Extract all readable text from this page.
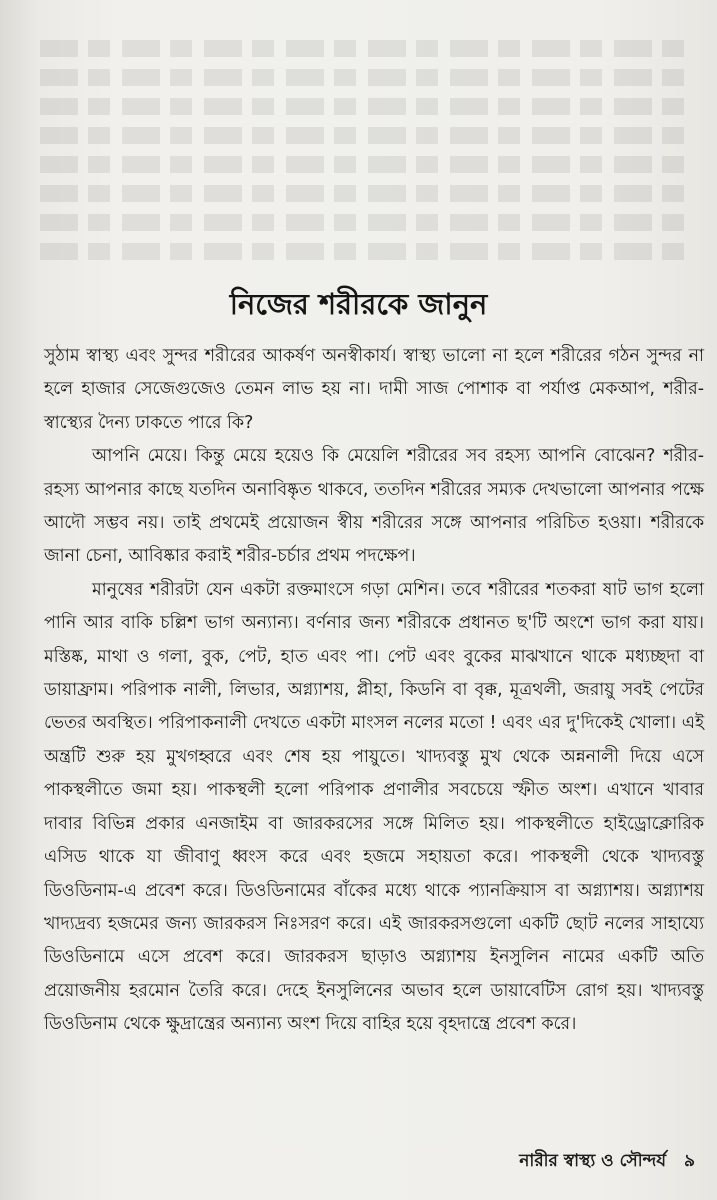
নিজের শরীরকে জানুন

সুঠাম স্বাস্থ্য এবং সুন্দর শরীরের আকর্ষণ অনস্বীকার্য। স্বাস্থ্য ভালো না হলে শরীরের গঠন সুন্দর না হলে হাজার সেজেগুজেও তেমন লাভ হয় না। দামী সাজ পোশাক বা পর্যাপ্ত মেকআপ, শরীর-স্বাস্থ্যের দৈন্য ঢাকতে পারে কি?

আপনি মেয়ে। কিন্তু মেয়ে হয়েও কি মেয়েলি শরীরের সব রহস্য আপনি বোঝেন? শরীর-রহস্য আপনার কাছে যতদিন অনাবিষ্কৃত থাকবে, ততদিন শরীরের সম্যক দেখভালো আপনার পক্ষে আদৌ সম্ভব নয়। তাই প্রথমেই প্রয়োজন স্বীয় শরীরের সঙ্গে আপনার পরিচিত হওয়া। শরীরকে জানা চেনা, আবিষ্কার করাই শরীর-চর্চার প্রথম পদক্ষেপ।

মানুষের শরীরটা যেন একটা রক্তমাংসে গড়া মেশিন। তবে শরীরের শতকরা ষাট ভাগ হলো পানি আর বাকি চল্লিশ ভাগ অন্যান্য। বর্ণনার জন্য শরীরকে প্রধানত ছ'টি অংশে ভাগ করা যায়। মস্তিষ্ক, মাথা ও গলা, বুক, পেট, হাত এবং পা। পেট এবং বুকের মাঝখানে থাকে মধ্যচ্ছদা বা ডায়াফ্রাম। পরিপাক নালী, লিভার, অগ্ন্যাশয়, প্লীহা, কিডনি বা বৃক্ক, মূত্রথলী, জরায়ু সবই পেটের ভেতর অবস্থিত। পরিপাকনালী দেখতে একটা মাংসল নলের মতো ! এবং এর দু'দিকেই খোলা। এই অন্ত্রটি শুরু হয় মুখগহ্বরে এবং শেষ হয় পায়ুতে। খাদ্যবস্তু মুখ থেকে অন্ননালী দিয়ে এসে পাকস্থলীতে জমা হয়। পাকস্থলী হলো পরিপাক প্রণালীর সবচেয়ে স্ফীত অংশ। এখানে খাবার দাবার বিভিন্ন প্রকার এনজাইম বা জারকরসের সঙ্গে মিলিত হয়। পাকস্থলীতে হাইড্রোক্লোরিক এসিড থাকে যা জীবাণু ধ্বংস করে এবং হজমে সহায়তা করে। পাকস্থলী থেকে খাদ্যবস্তু ডিওডিনাম-এ প্রবেশ করে। ডিওডিনামের বাঁকের মধ্যে থাকে প্যানক্রিয়াস বা অগ্ন্যাশয়। অগ্ন্যাশয় খাদ্যদ্রব্য হজমের জন্য জারকরস নিঃসরণ করে। এই জারকরসগুলো একটি ছোট নলের সাহায্যে ডিওডিনামে এসে প্রবেশ করে। জারকরস ছাড়াও অগ্ন্যাশয় ইনসুলিন নামের একটি অতি প্রয়োজনীয় হরমোন তৈরি করে। দেহে ইনসুলিনের অভাব হলে ডায়াবেটিস রোগ হয়। খাদ্যবস্তু ডিওডিনাম থেকে ক্ষুদ্রান্ত্রের অন্যান্য অংশ দিয়ে বাহির হয়ে বৃহদান্ত্রে প্রবেশ করে।

নারীর স্বাস্থ্য ও সৌন্দর্য ৯
